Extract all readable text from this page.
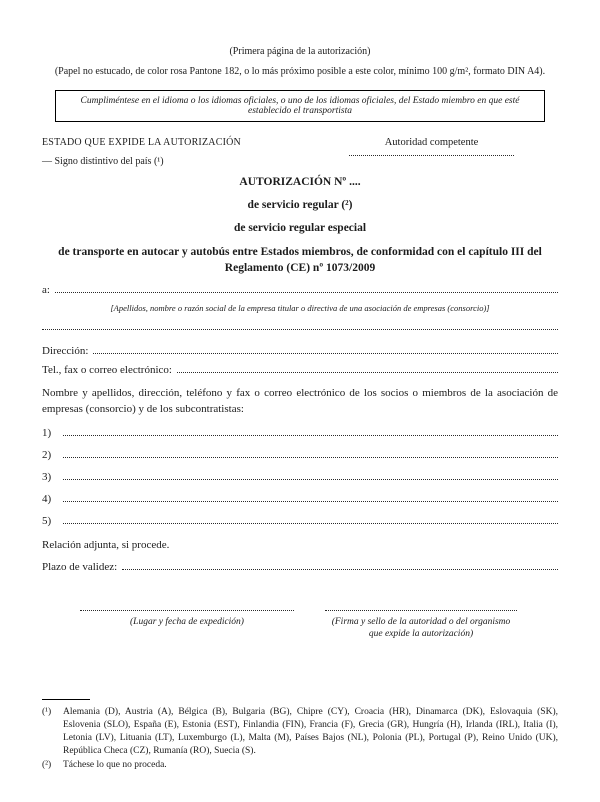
(Primera página de la autorización)
(Papel no estucado, de color rosa Pantone 182, o lo más próximo posible a este color, mínimo 100 g/m², formato DIN A4).
Cumpliméntese en el idioma o los idiomas oficiales, o uno de los idiomas oficiales, del Estado miembro en que esté establecido el transportista
ESTADO QUE EXPIDE LA AUTORIZACIÓN
— Signo distintivo del país (¹)
Autoridad competente
AUTORIZACIÓN Nº ....
de servicio regular (²)
de servicio regular especial
de transporte en autocar y autobús entre Estados miembros, de conformidad con el capítulo III del Reglamento (CE) nº 1073/2009
a:
[Apellidos, nombre o razón social de la empresa titular o directiva de una asociación de empresas (consorcio)]
Dirección:
Tel., fax o correo electrónico:
Nombre y apellidos, dirección, teléfono y fax o correo electrónico de los socios o miembros de la asociación de empresas (consorcio) y de los subcontratistas:
1)
2)
3)
4)
5)
Relación adjunta, si procede.
Plazo de validez:
(Lugar y fecha de expedición)	(Firma y sello de la autoridad o del organismo que expide la autorización)
(¹)	Alemania (D), Austria (A), Bélgica (B), Bulgaria (BG), Chipre (CY), Croacia (HR), Dinamarca (DK), Eslovaquia (SK), Eslovenia (SLO), España (E), Estonia (EST), Finlandia (FIN), Francia (F), Grecia (GR), Hungría (H), Irlanda (IRL), Italia (I), Letonia (LV), Lituania (LT), Luxemburgo (L), Malta (M), Países Bajos (NL), Polonia (PL), Portugal (P), Reino Unido (UK), República Checa (CZ), Rumanía (RO), Suecia (S).
(²)	Táchese lo que no proceda.
